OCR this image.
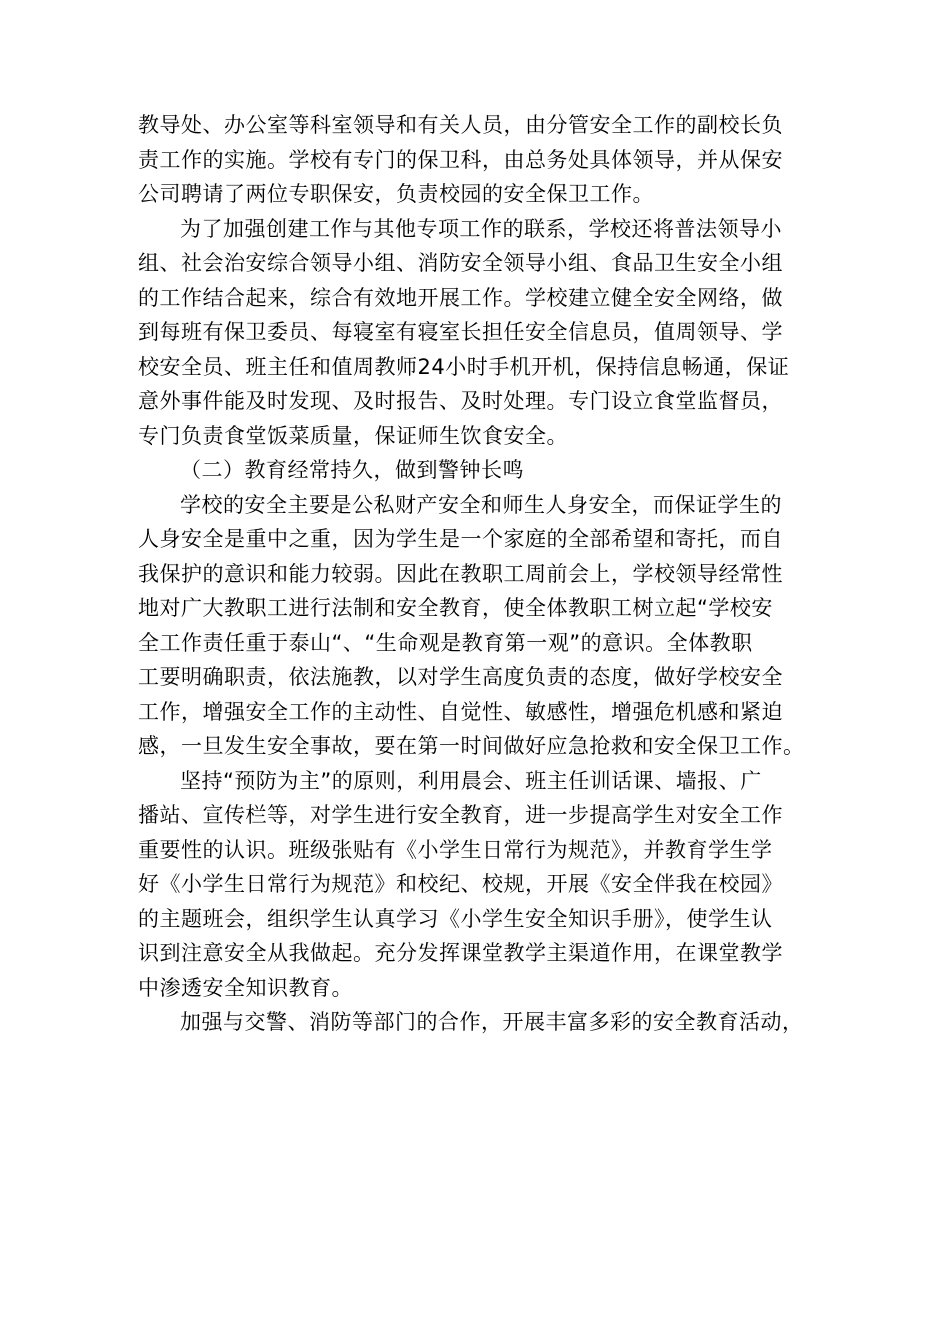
教导处、办公室等科室领导和有关人员，由分管安全工作的副校长负
责工作的实施。学校有专门的保卫科，由总务处具体领导，并从保安
公司聘请了两位专职保安，负责校园的安全保卫工作。
为了加强创建工作与其他专项工作的联系，学校还将普法领导小
组、社会治安综合领导小组、消防安全领导小组、食品卫生安全小组
的工作结合起来，综合有效地开展工作。学校建立健全安全网络，做
到每班有保卫委员、每寝室有寝室长担任安全信息员，值周领导、学
校安全员、班主任和值周教师24小时手机开机，保持信息畅通，保证
意外事件能及时发现、及时报告、及时处理。专门设立食堂监督员，
专门负责食堂饭菜质量，保证师生饮食安全。
（二）教育经常持久，做到警钟长鸣
学校的安全主要是公私财产安全和师生人身安全，而保证学生的
人身安全是重中之重，因为学生是一个家庭的全部希望和寄托，而自
我保护的意识和能力较弱。因此在教职工周前会上，学校领导经常性
地对广大教职工进行法制和安全教育，使全体教职工树立起“学校安
全工作责任重于泰山“、“生命观是教育第一观”的意识。全体教职
工要明确职责，依法施教，以对学生高度负责的态度，做好学校安全
工作，增强安全工作的主动性、自觉性、敏感性，增强危机感和紧迫
感，一旦发生安全事故，要在第一时间做好应急抢救和安全保卫工作。
坚持“预防为主”的原则，利用晨会、班主任训话课、墙报、广
播站、宣传栏等，对学生进行安全教育，进一步提高学生对安全工作
重要性的认识。班级张贴有《小学生日常行为规范》，并教育学生学
好《小学生日常行为规范》和校纪、校规，开展《安全伴我在校园》
的主题班会，组织学生认真学习《小学生安全知识手册》，使学生认
识到注意安全从我做起。充分发挥课堂教学主渠道作用，在课堂教学
中渗透安全知识教育。
加强与交警、消防等部门的合作，开展丰富多彩的安全教育活动，
